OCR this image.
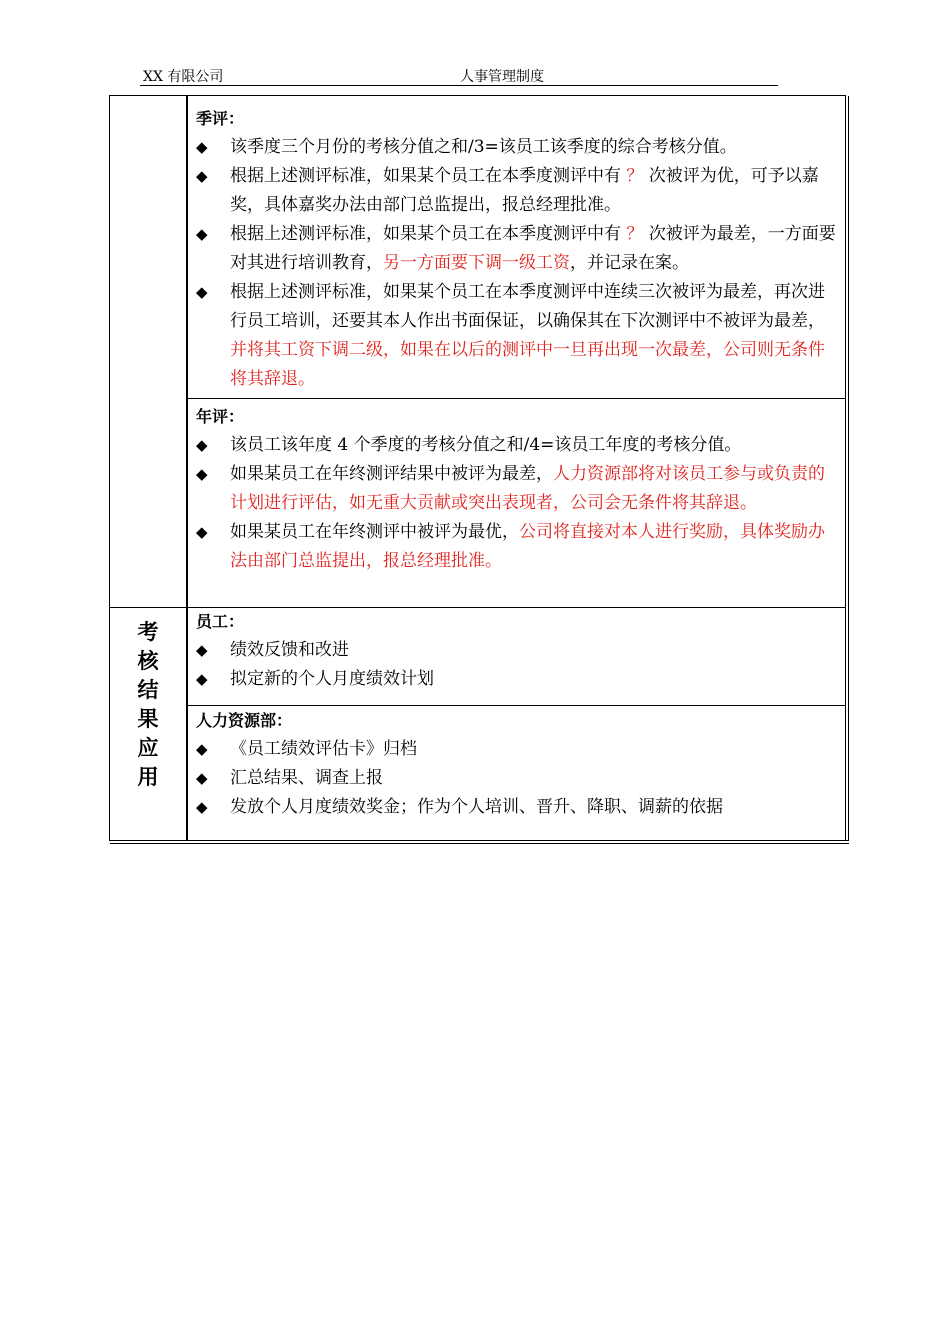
XX 有限公司	人事管理制度
季评：
◆ 该季度三个月份的考核分值之和/3=该员工该季度的综合考核分值。
◆ 根据上述测评标准，如果某个员工在本季度测评中有 ？ 次被评为优，可予以嘉奖，具体嘉奖办法由部门总监提出，报总经理批准。
◆ 根据上述测评标准，如果某个员工在本季度测评中有 ？ 次被评为最差，一方面要对其进行培训教育，另一方面要下调一级工资，并记录在案。
◆ 根据上述测评标准，如果某个员工在本季度测评中连续三次被评为最差，再次进行员工培训，还要其本人作出书面保证，以确保其在下次测评中不被评为最差，并将其工资下调二级，如果在以后的测评中一旦再出现一次最差，公司则无条件将其辞退。
年评：
◆ 该员工该年度 4 个季度的考核分值之和/4=该员工年度的考核分值。
◆ 如果某员工在年终测评结果中被评为最差，人力资源部将对该员工参与或负责的计划进行评估，如无重大贡献或突出表现者，公司会无条件将其辞退。
◆ 如果某员工在年终测评中被评为最优，公司将直接对本人进行奖励，具体奖励办法由部门总监提出，报总经理批准。
考
核
结
果
应
用
员工：
◆ 绩效反馈和改进
◆ 拟定新的个人月度绩效计划
人力资源部：
◆ 《员工绩效评估卡》归档
◆ 汇总结果、调查上报
◆ 发放个人月度绩效奖金；作为个人培训、晋升、降职、调薪的依据
